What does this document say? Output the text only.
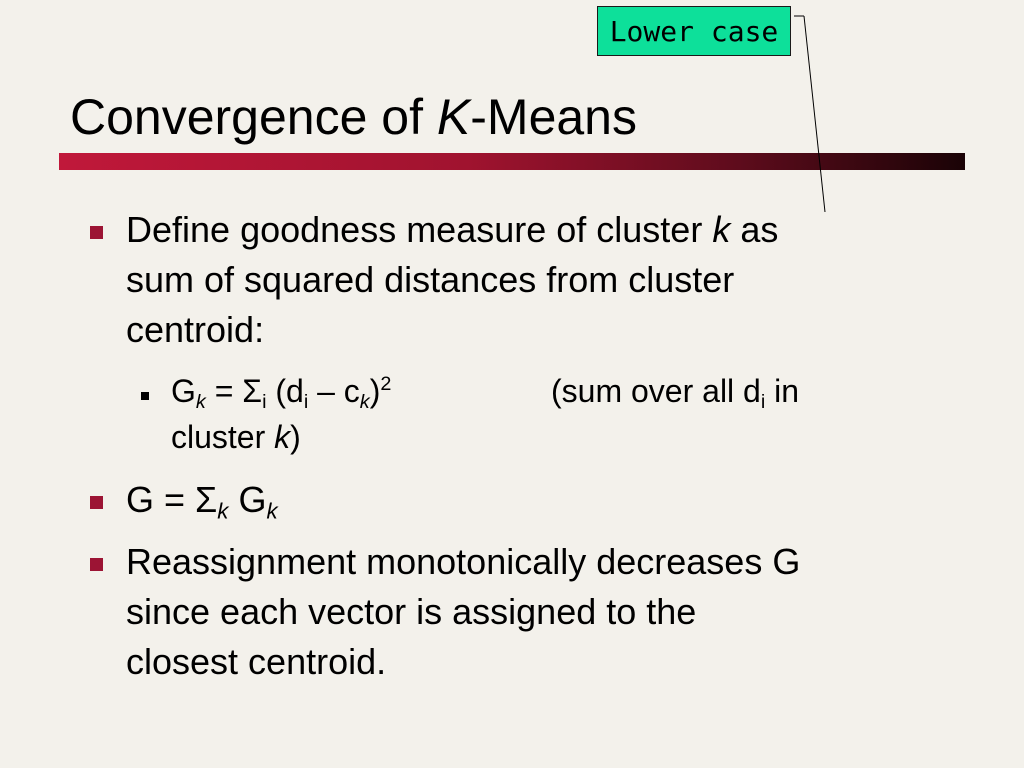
Convergence of K-Means
Lower case
Define goodness measure of cluster k as
sum of squared distances from cluster
centroid:
$G_k = \Sigma_i$ $(d_i - c_k)^2$	(sum over all $d_i$ in
cluster k)
$G = \Sigma_k$ $G_k$
Reassignment monotonically decreases G
since each vector is assigned to the
closest centroid.
